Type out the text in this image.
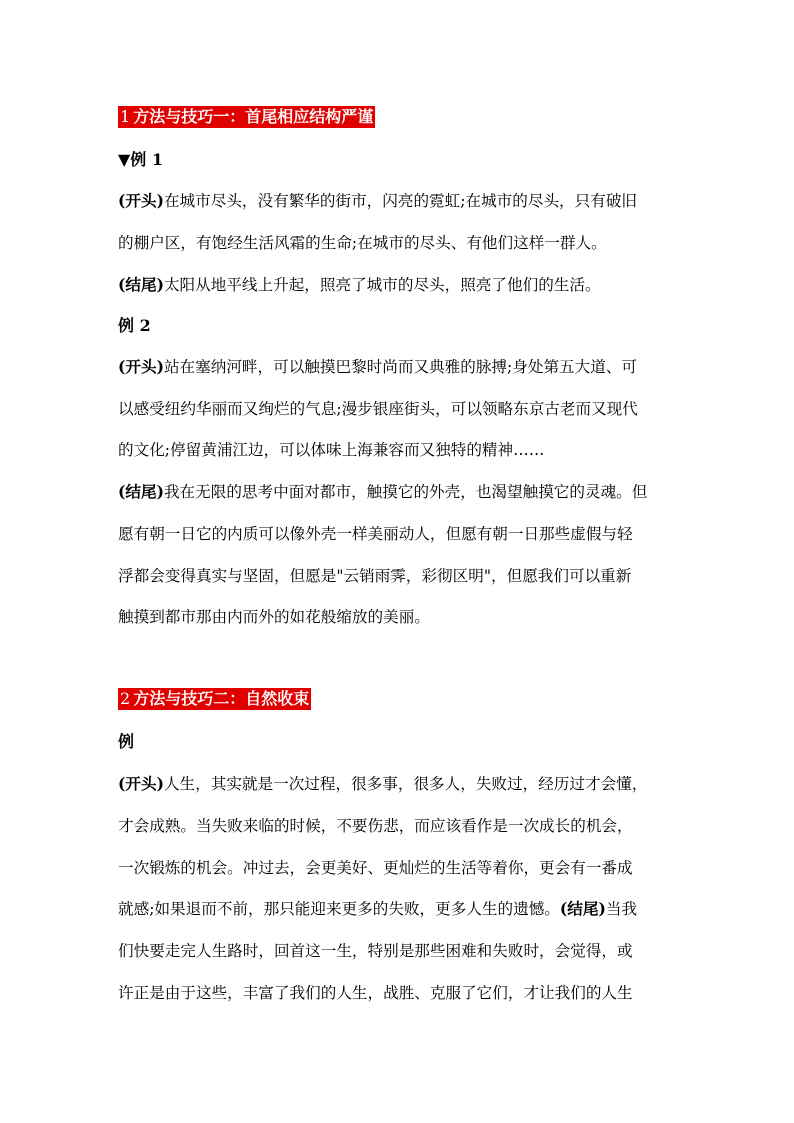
1 方法与技巧一：首尾相应结构严谨
▼例 1
(开头)在城市尽头，没有繁华的街市，闪亮的霓虹;在城市的尽头，只有破旧
的棚户区，有饱经生活风霜的生命;在城市的尽头、有他们这样一群人。
(结尾)太阳从地平线上升起，照亮了城市的尽头，照亮了他们的生活。
例 2
(开头)站在塞纳河畔，可以触摸巴黎时尚而又典雅的脉搏;身处第五大道、可
以感受纽约华丽而又绚烂的气息;漫步银座街头，可以领略东京古老而又现代
的文化;停留黄浦江边，可以体味上海兼容而又独特的精神……
(结尾)我在无限的思考中面对都市，触摸它的外壳，也渴望触摸它的灵魂。但
愿有朝一日它的内质可以像外壳一样美丽动人，但愿有朝一日那些虚假与轻
浮都会变得真实与坚固，但愿是"云销雨霁，彩彻区明"，但愿我们可以重新
触摸到都市那由内而外的如花般缩放的美丽。
2 方法与技巧二：自然收束
例
(开头)人生，其实就是一次过程，很多事，很多人，失败过，经历过才会懂，
才会成熟。当失败来临的时候，不要伤悲，而应该看作是一次成长的机会，
一次锻炼的机会。冲过去，会更美好、更灿烂的生活等着你，更会有一番成
就感;如果退而不前，那只能迎来更多的失败，更多人生的遗憾。(结尾)当我
们快要走完人生路时，回首这一生，特别是那些困难和失败时，会觉得，或
许正是由于这些，丰富了我们的人生，战胜、克服了它们，才让我们的人生
